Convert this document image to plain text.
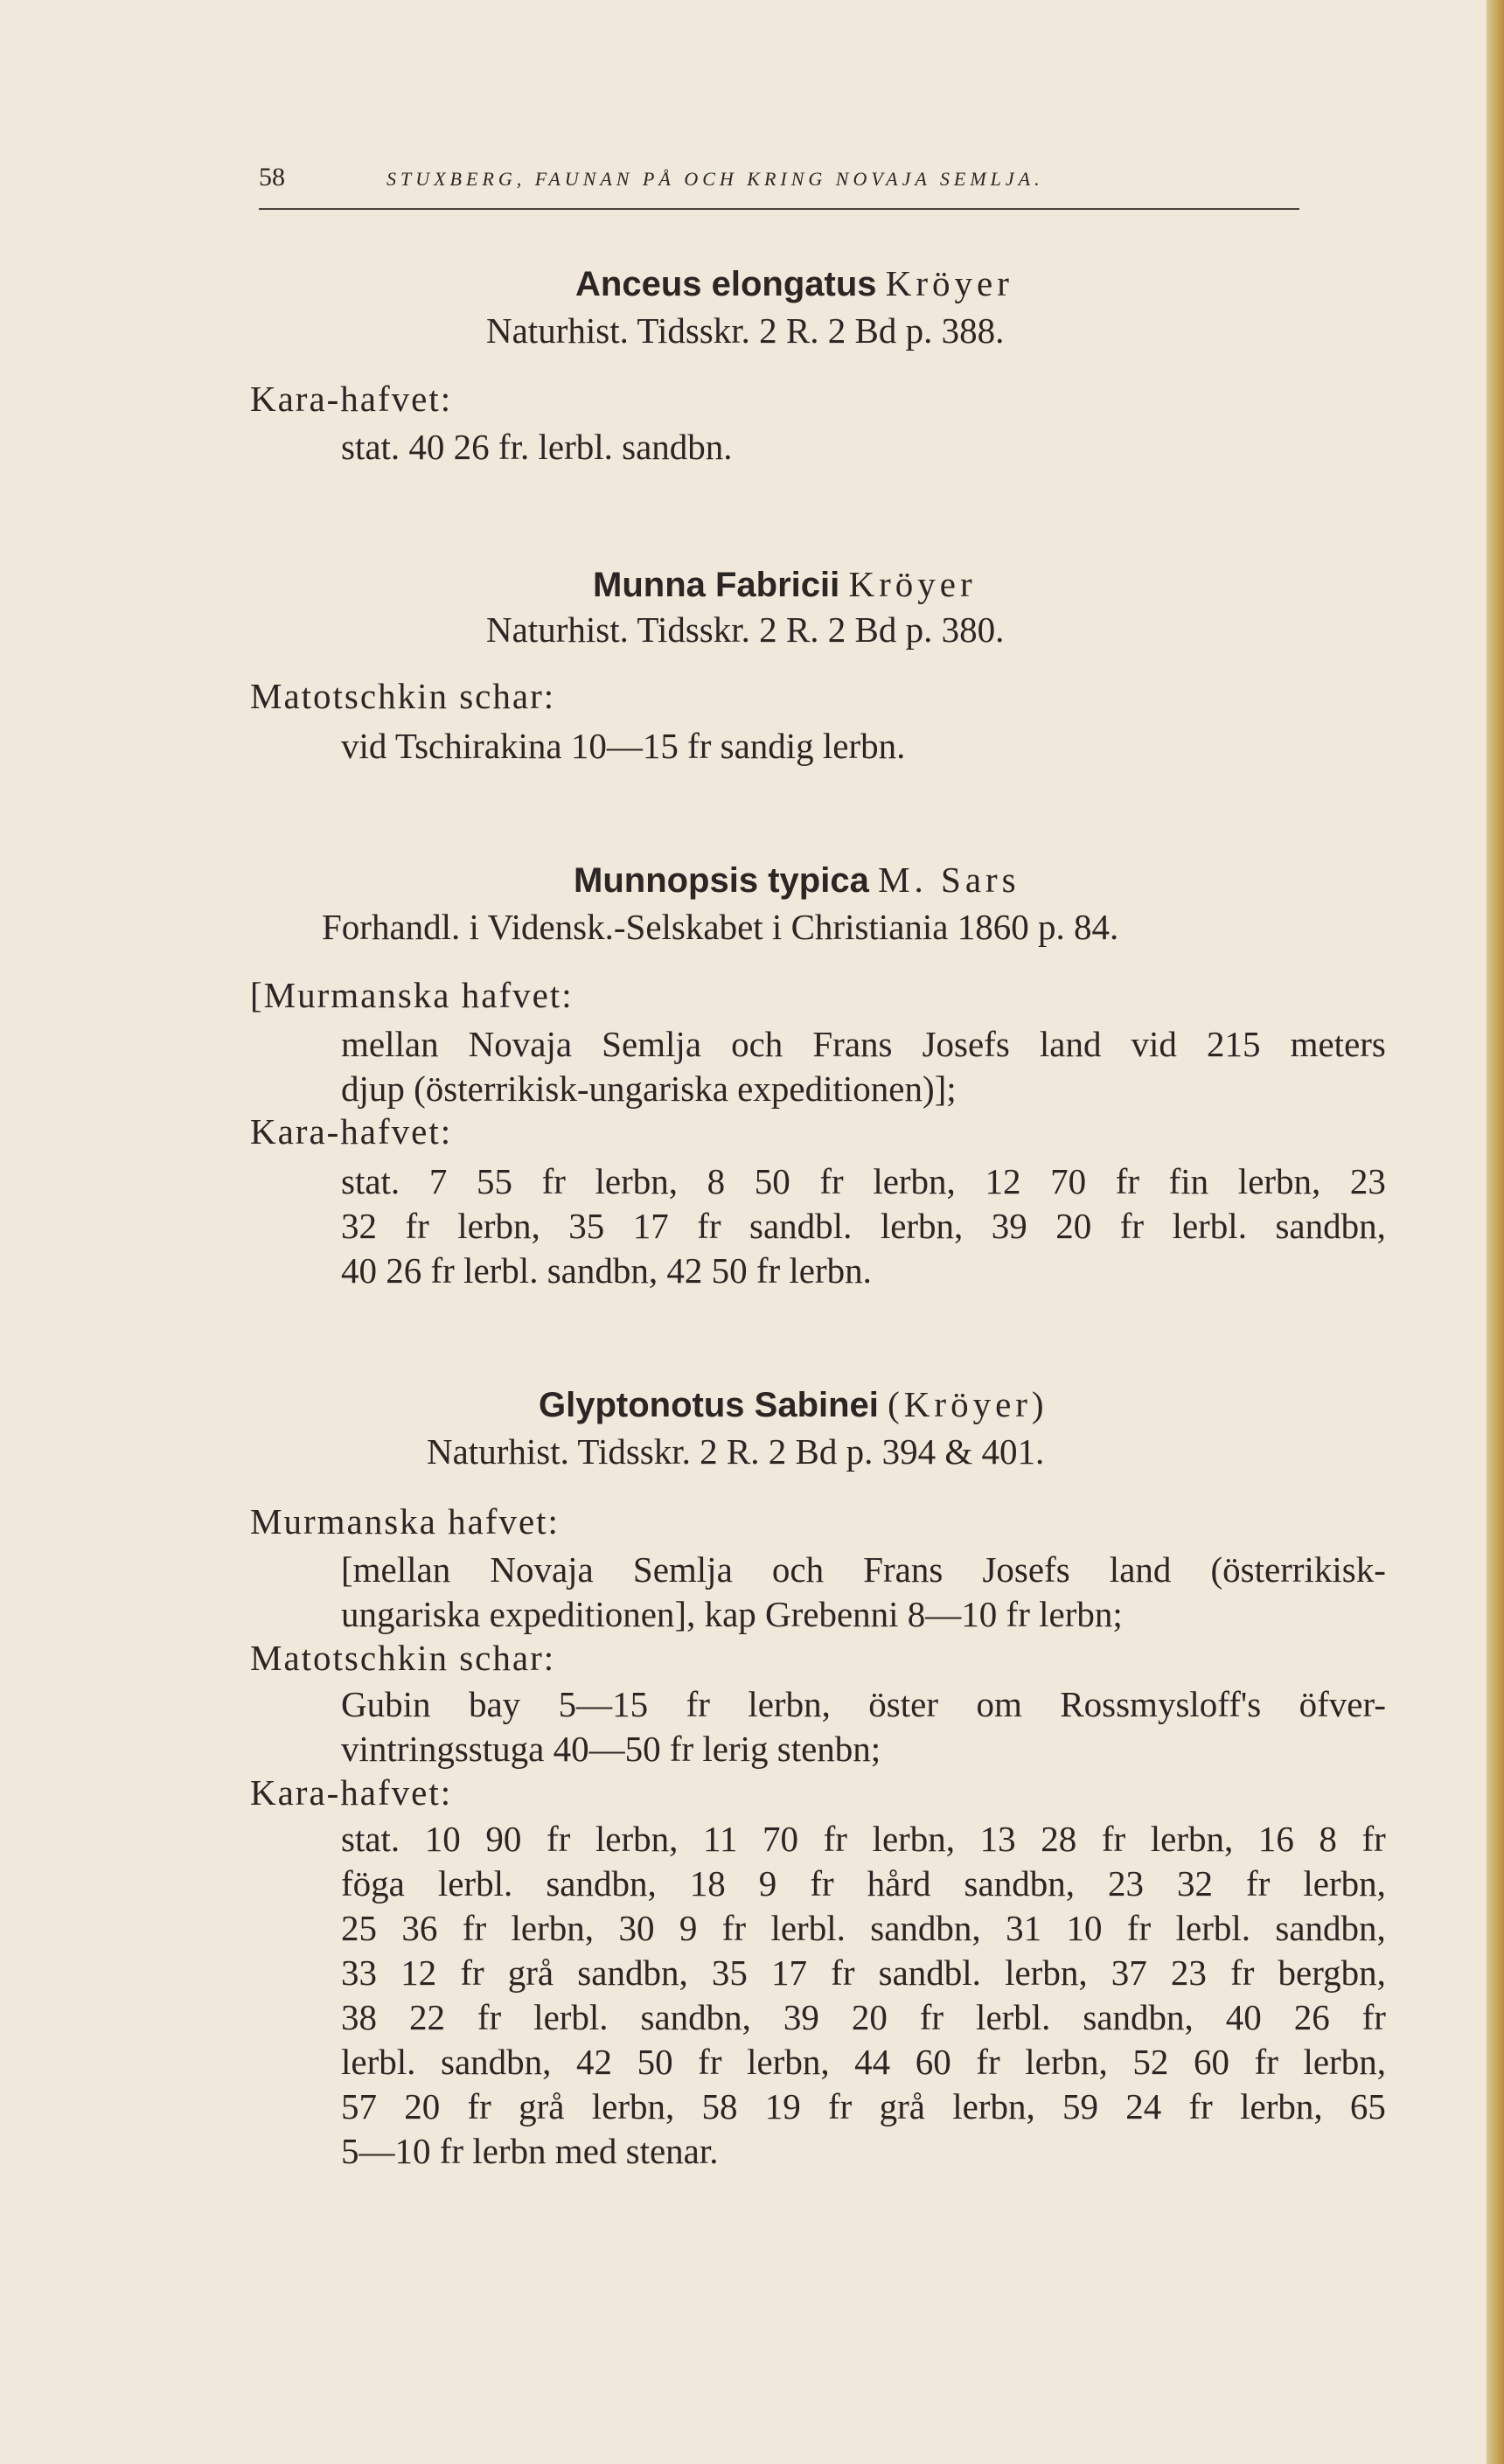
58	STUXBERG, FAUNAN PÅ OCH KRING NOVAJA SEMLJA.
Anceus elongatus Kröyer
Naturhist. Tidsskr. 2 R. 2 Bd p. 388.
Kara-hafvet:
stat. 40 26 fr. lerbl. sandbn.
Munna Fabricii Kröyer
Naturhist. Tidsskr. 2 R. 2 Bd p. 380.
Matotschkin schar:
vid Tschirakina 10—15 fr sandig lerbn.
Munnopsis typica M. Sars
Forhandl. i Vidensk.-Selskabet i Christiania 1860 p. 84.
[Murmanska hafvet:
mellan Novaja Semlja och Frans Josefs land vid 215 meters
djup (österrikisk-ungariska expeditionen)];
Kara-hafvet:
stat. 7 55 fr lerbn, 8 50 fr lerbn, 12 70 fr fin lerbn, 23
32 fr lerbn, 35 17 fr sandbl. lerbn, 39 20 fr lerbl. sandbn,
40 26 fr lerbl. sandbn, 42 50 fr lerbn.
Glyptonotus Sabinei (Kröyer)
Naturhist. Tidsskr. 2 R. 2 Bd p. 394 & 401.
Murmanska hafvet:
[mellan Novaja Semlja och Frans Josefs land (österrikisk-
ungariska expeditionen], kap Grebenni 8—10 fr lerbn;
Matotschkin schar:
Gubin bay 5—15 fr lerbn, öster om Rossmysloff's öfver-
vintringsstuga 40—50 fr lerig stenbn;
Kara-hafvet:
stat. 10 90 fr lerbn, 11 70 fr lerbn, 13 28 fr lerbn, 16 8 fr
föga lerbl. sandbn, 18 9 fr hård sandbn, 23 32 fr lerbn,
25 36 fr lerbn, 30 9 fr lerbl. sandbn, 31 10 fr lerbl. sandbn,
33 12 fr grå sandbn, 35 17 fr sandbl. lerbn, 37 23 fr bergbn,
38 22 fr lerbl. sandbn, 39 20 fr lerbl. sandbn, 40 26 fr
lerbl. sandbn, 42 50 fr lerbn, 44 60 fr lerbn, 52 60 fr lerbn,
57 20 fr grå lerbn, 58 19 fr grå lerbn, 59 24 fr lerbn, 65
5—10 fr lerbn med stenar.
